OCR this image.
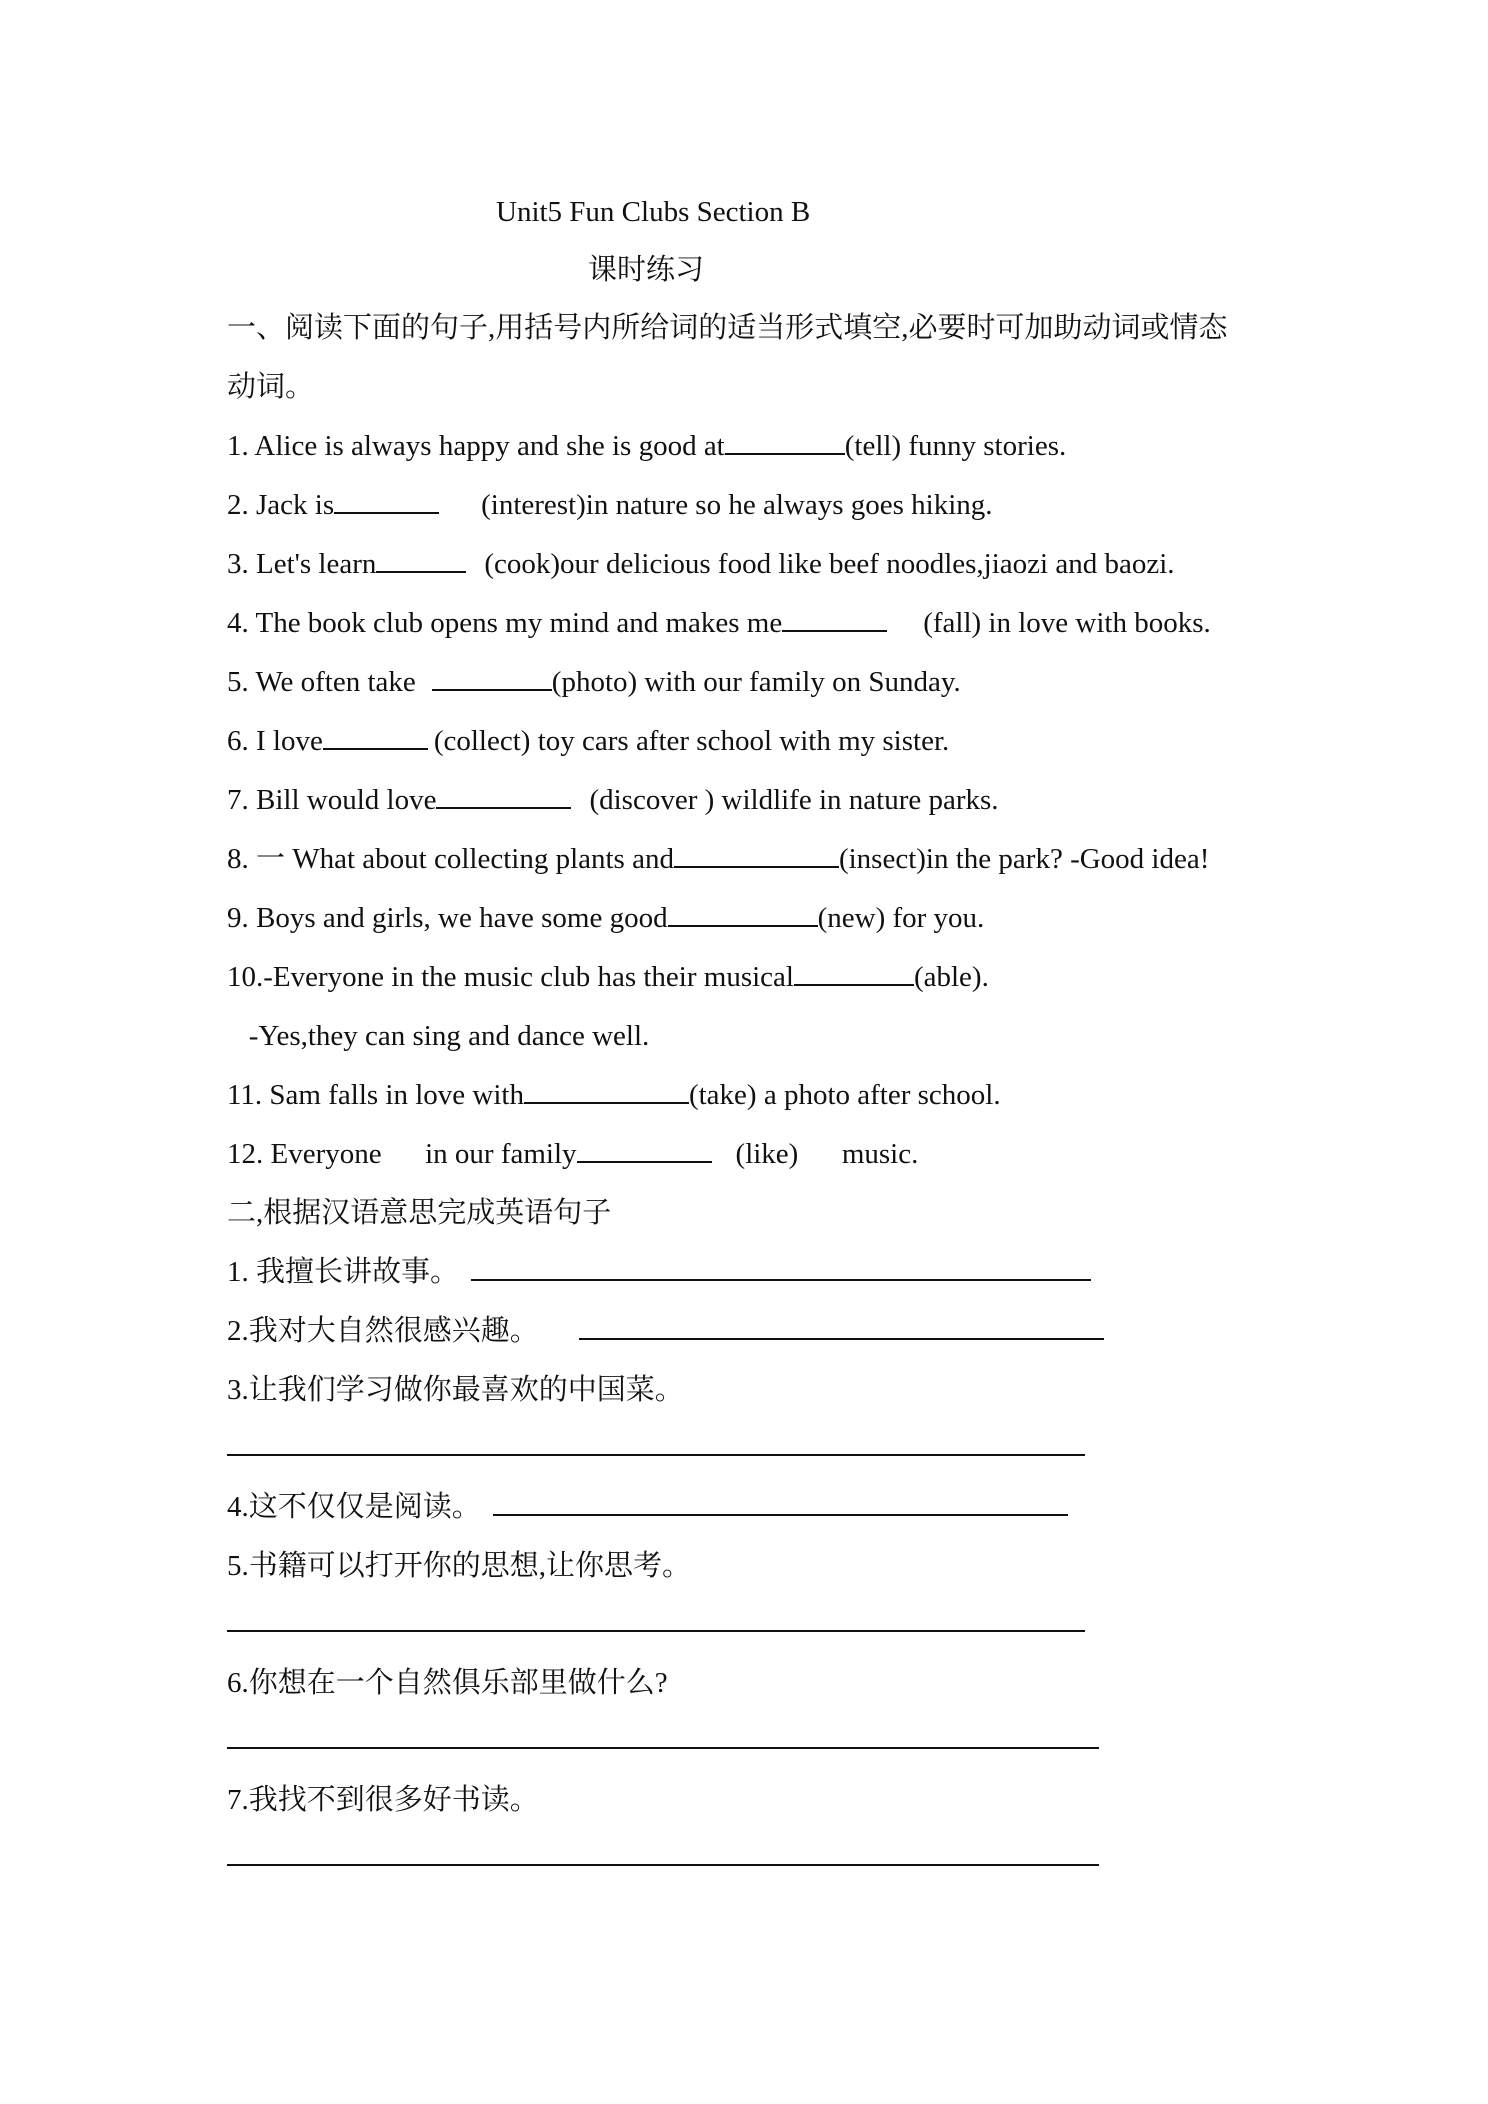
Unit5 Fun Clubs Section B
课时练习
一、阅读下面的句子,用括号内所给词的适当形式填空,必要时可加助动词或情态
动词。
1. Alice is always happy and she is good at	(tell) funny stories.
2. Jack is	(interest)in nature so he always goes hiking.
3. Let's learn	(cook)our delicious food like beef noodles,jiaozi and baozi.
4. The book club opens my mind and makes me	(fall) in love with books.
5. We often take	(photo) with our family on Sunday.
6. I love	(collect) toy cars after school with my sister.
7. Bill would love	(discover ) wildlife in nature parks.
8. 一 What about collecting plants and	(insect)in the park? -Good idea!
9. Boys and girls, we have some good	(new) for you.
10.-Everyone in the music club has their musical	(able).
-Yes,they can sing and dance well.
11. Sam falls in love with	(take) a photo after school.
12. Everyone      in our family	(like)      music.
二,根据汉语意思完成英语句子
1. 我擅长讲故事。
2.我对大自然很感兴趣。
3.让我们学习做你最喜欢的中国菜。
4.这不仅仅是阅读。
5.书籍可以打开你的思想,让你思考。
6.你想在一个自然俱乐部里做什么?
7.我找不到很多好书读。
